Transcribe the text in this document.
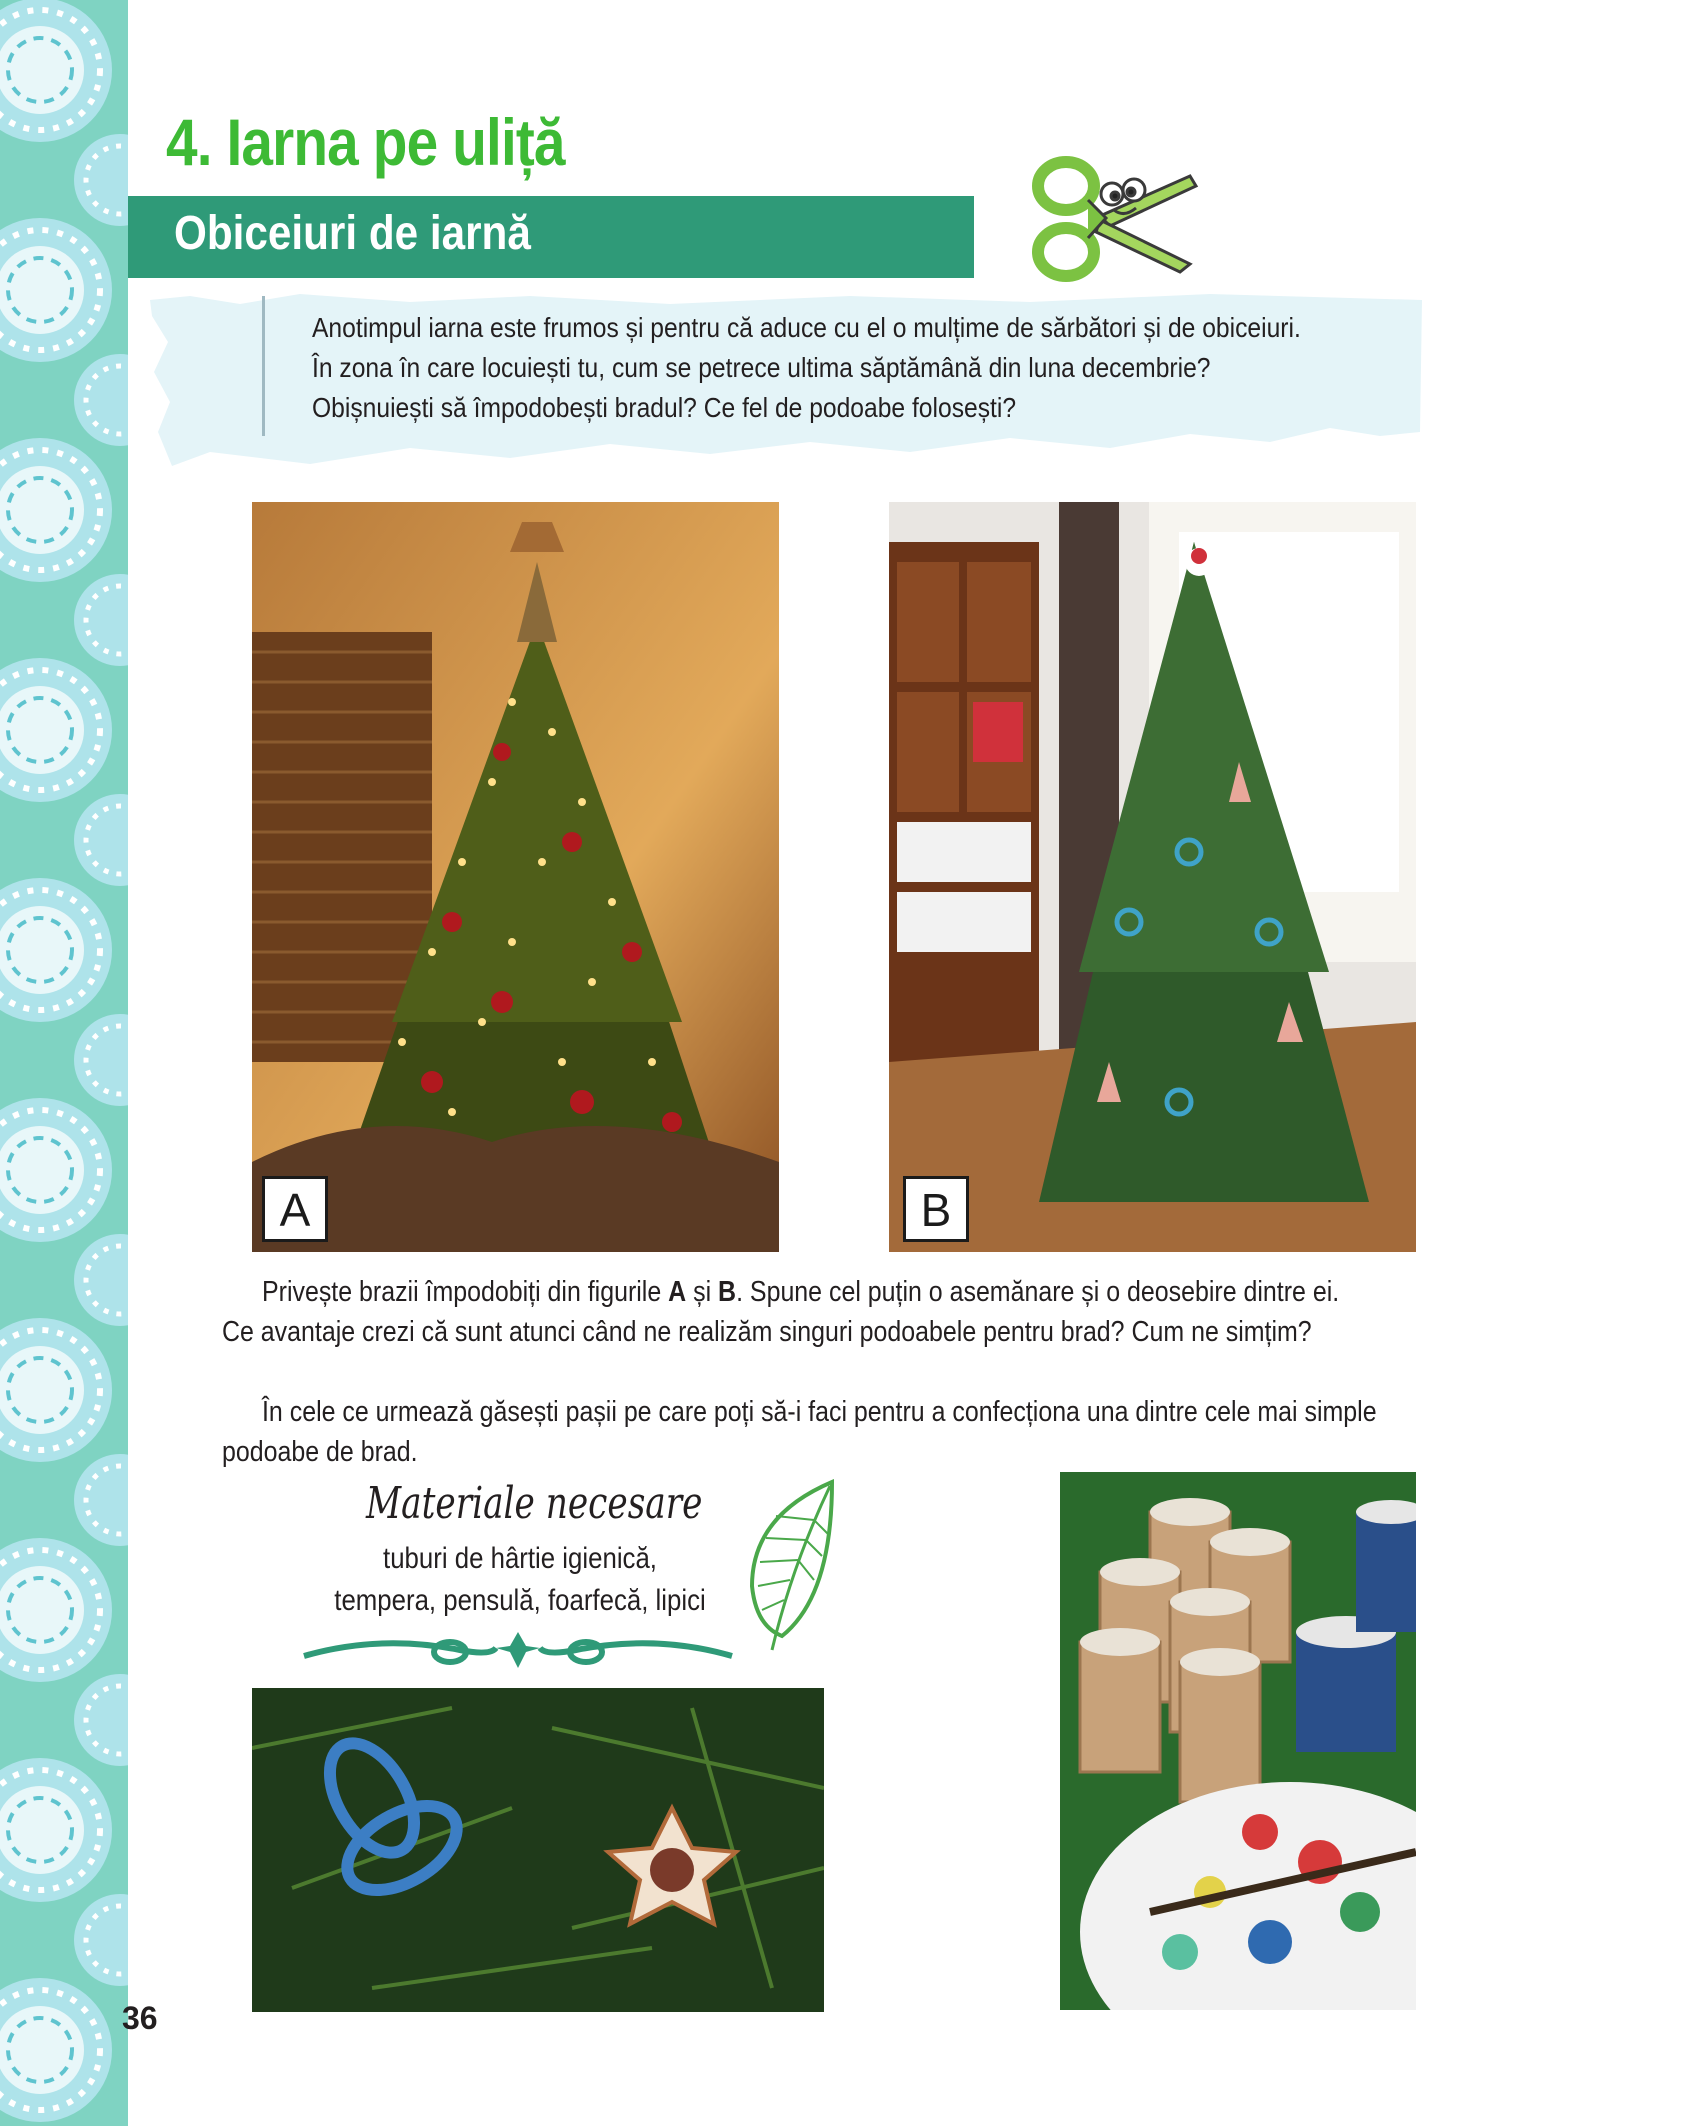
4. Iarna pe uliță
Obiceiuri de iarnă
Anotimpul iarna este frumos și pentru că aduce cu el o mulțime de sărbători și de obiceiuri.
În zona în care locuiești tu, cum se petrece ultima săptămână din luna decembrie?
Obișnuiești să împodobești bradul? Ce fel de podoabe folosești?
A	B
Privește brazii împodobiți din figurile A și B. Spune cel puțin o asemănare și o deosebire dintre ei.
Ce avantaje crezi că sunt atunci când ne realizăm singuri podoabele pentru brad? Cum ne simțim?
În cele ce urmează găsești pașii pe care poți să-i faci pentru a confecționa una dintre cele mai simple
podoabe de brad.
Materiale necesare
tuburi de hârtie igienică,
tempera, pensulă, foarfecă, lipici
36
